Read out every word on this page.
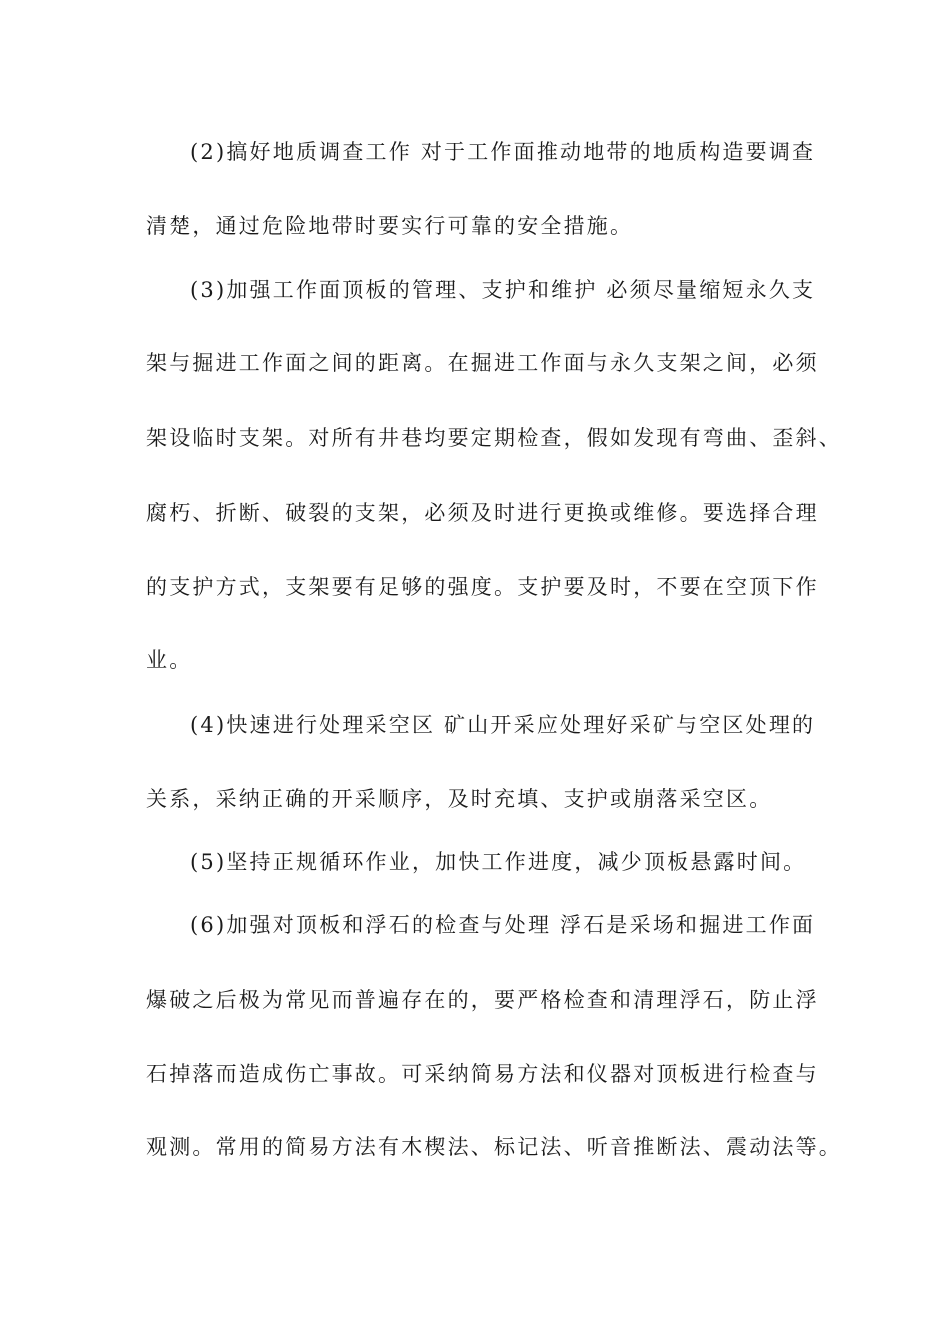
(2)搞好地质调查工作 对于工作面推动地带的地质构造要调查
清楚，通过危险地带时要实行可靠的安全措施。
(3)加强工作面顶板的管理、支护和维护 必须尽量缩短永久支
架与掘进工作面之间的距离。在掘进工作面与永久支架之间，必须
架设临时支架。对所有井巷均要定期检查，假如发现有弯曲、歪斜、
腐朽、折断、破裂的支架，必须及时进行更换或维修。要选择合理
的支护方式，支架要有足够的强度。支护要及时，不要在空顶下作
业。
(4)快速进行处理采空区 矿山开采应处理好采矿与空区处理的
关系，采纳正确的开采顺序，及时充填、支护或崩落采空区。
(5)坚持正规循环作业，加快工作进度，减少顶板悬露时间。
(6)加强对顶板和浮石的检查与处理 浮石是采场和掘进工作面
爆破之后极为常见而普遍存在的，要严格检查和清理浮石，防止浮
石掉落而造成伤亡事故。可采纳简易方法和仪器对顶板进行检查与
观测。常用的简易方法有木楔法、标记法、听音推断法、震动法等。
